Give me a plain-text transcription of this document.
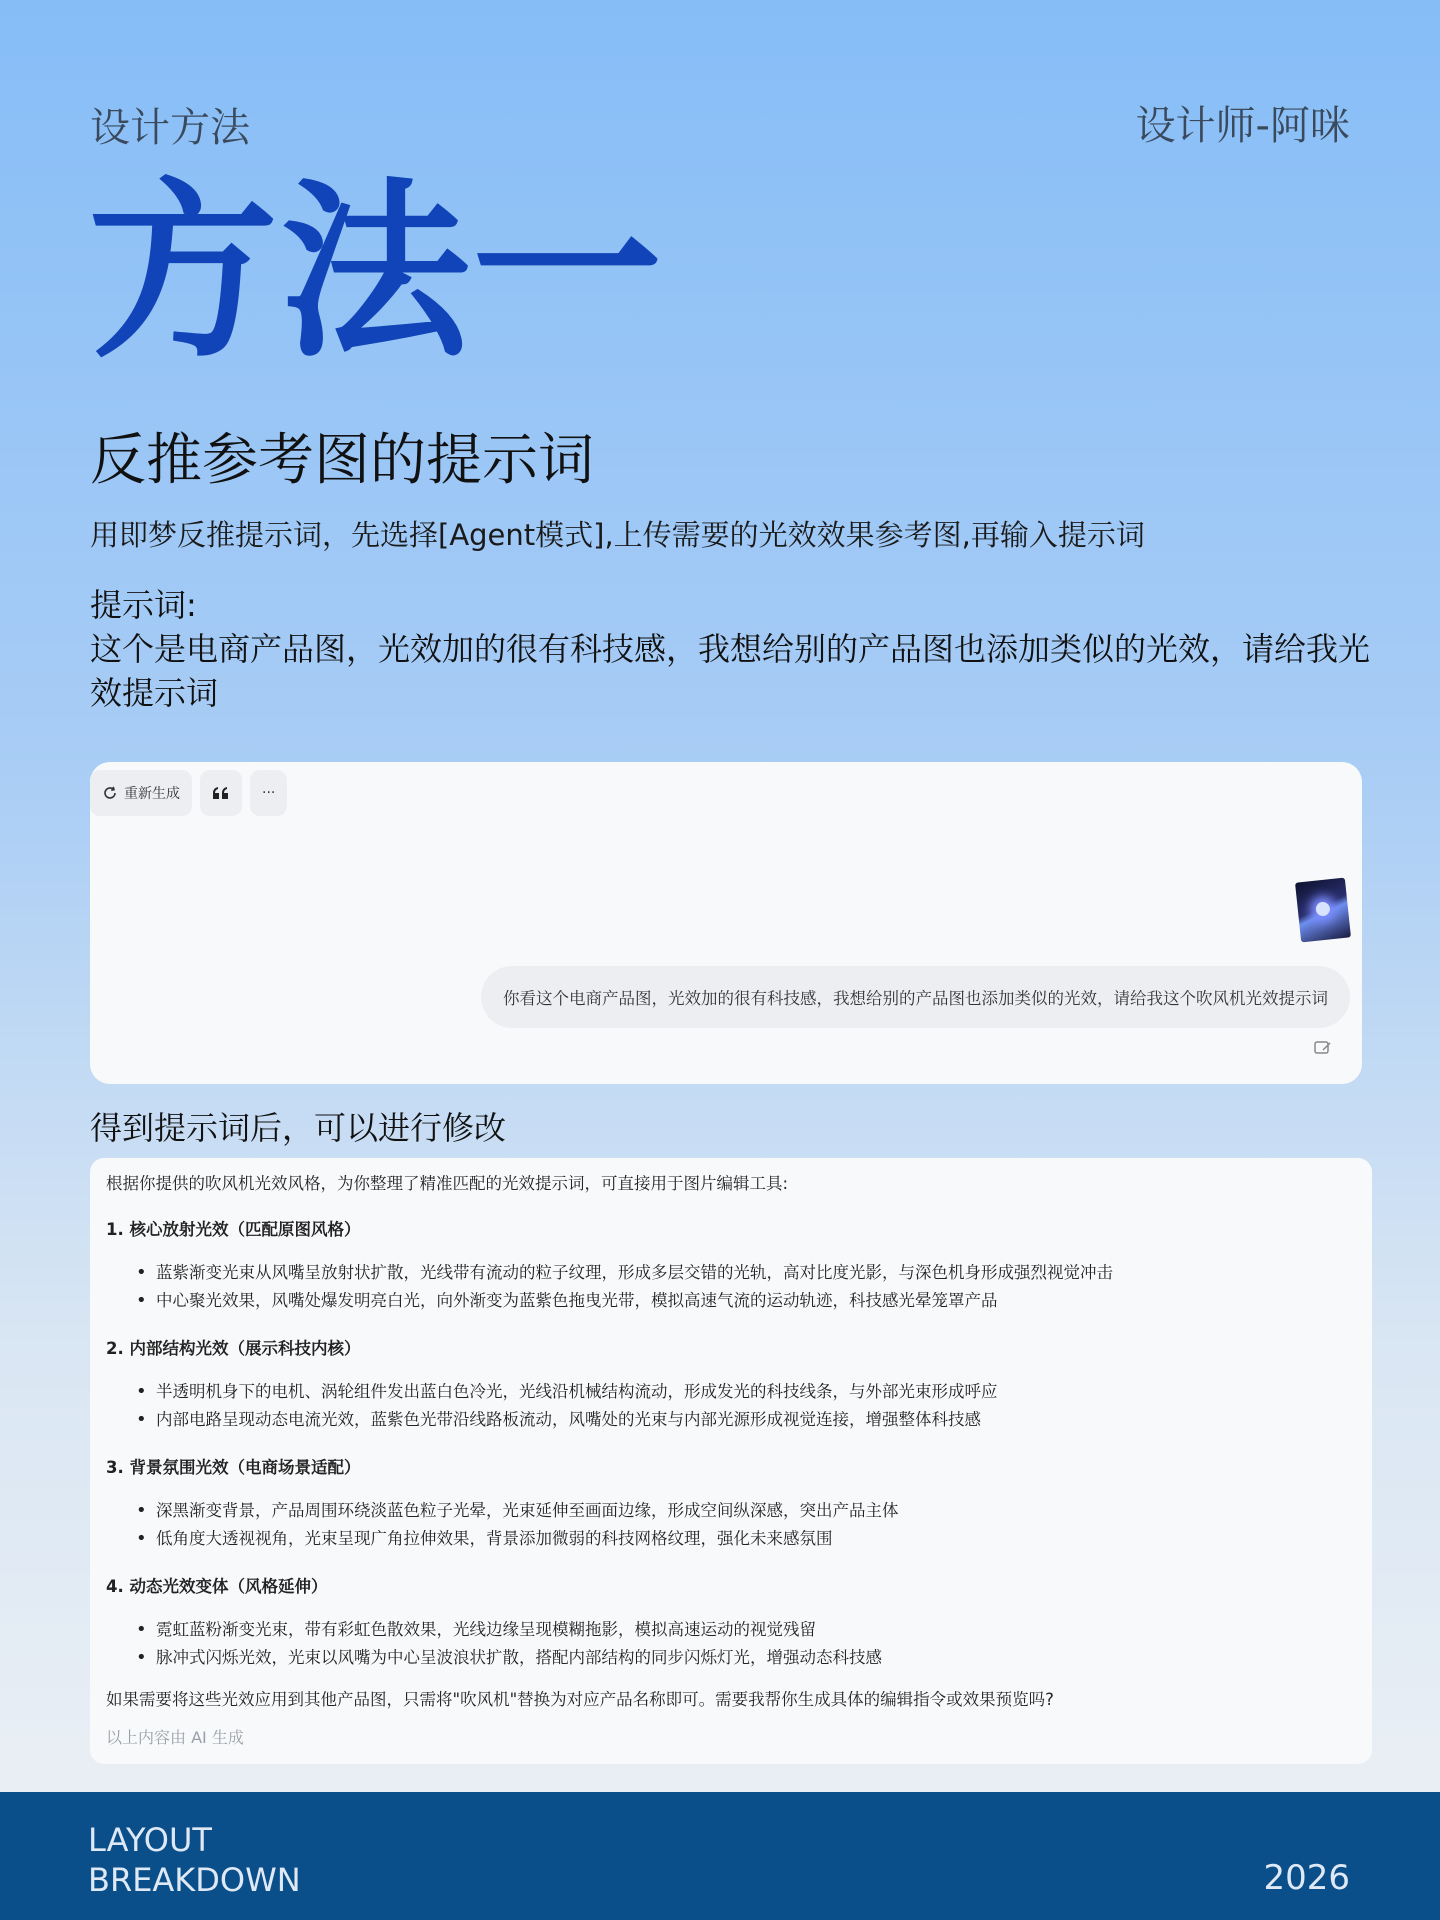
设计方法	设计师-阿咪
方法一
反推参考图的提示词
用即梦反推提示词，先选择[Agent模式],上传需要的光效效果参考图,再输入提示词
提示词:
这个是电商产品图，光效加的很有科技感，我想给别的产品图也添加类似的光效，请给我光效提示词
重新生成	···
你看这个电商产品图，光效加的很有科技感，我想给别的产品图也添加类似的光效，请给我这个吹风机光效提示词
得到提示词后，可以进行修改
根据你提供的吹风机光效风格，为你整理了精准匹配的光效提示词，可直接用于图片编辑工具:
1. 核心放射光效（匹配原图风格）
• 蓝紫渐变光束从风嘴呈放射状扩散，光线带有流动的粒子纹理，形成多层交错的光轨，高对比度光影，与深色机身形成强烈视觉冲击
• 中心聚光效果，风嘴处爆发明亮白光，向外渐变为蓝紫色拖曳光带，模拟高速气流的运动轨迹，科技感光晕笼罩产品
2. 内部结构光效（展示科技内核）
• 半透明机身下的电机、涡轮组件发出蓝白色冷光，光线沿机械结构流动，形成发光的科技线条，与外部光束形成呼应
• 内部电路呈现动态电流光效，蓝紫色光带沿线路板流动，风嘴处的光束与内部光源形成视觉连接，增强整体科技感
3. 背景氛围光效（电商场景适配）
• 深黑渐变背景，产品周围环绕淡蓝色粒子光晕，光束延伸至画面边缘，形成空间纵深感，突出产品主体
• 低角度大透视视角，光束呈现广角拉伸效果，背景添加微弱的科技网格纹理，强化未来感氛围
4. 动态光效变体（风格延伸）
• 霓虹蓝粉渐变光束，带有彩虹色散效果，光线边缘呈现模糊拖影，模拟高速运动的视觉残留
• 脉冲式闪烁光效，光束以风嘴为中心呈波浪状扩散，搭配内部结构的同步闪烁灯光，增强动态科技感
如果需要将这些光效应用到其他产品图，只需将"吹风机"替换为对应产品名称即可。需要我帮你生成具体的编辑指令或效果预览吗?
以上内容由 AI 生成
LAYOUT
BREAKDOWN	2026
